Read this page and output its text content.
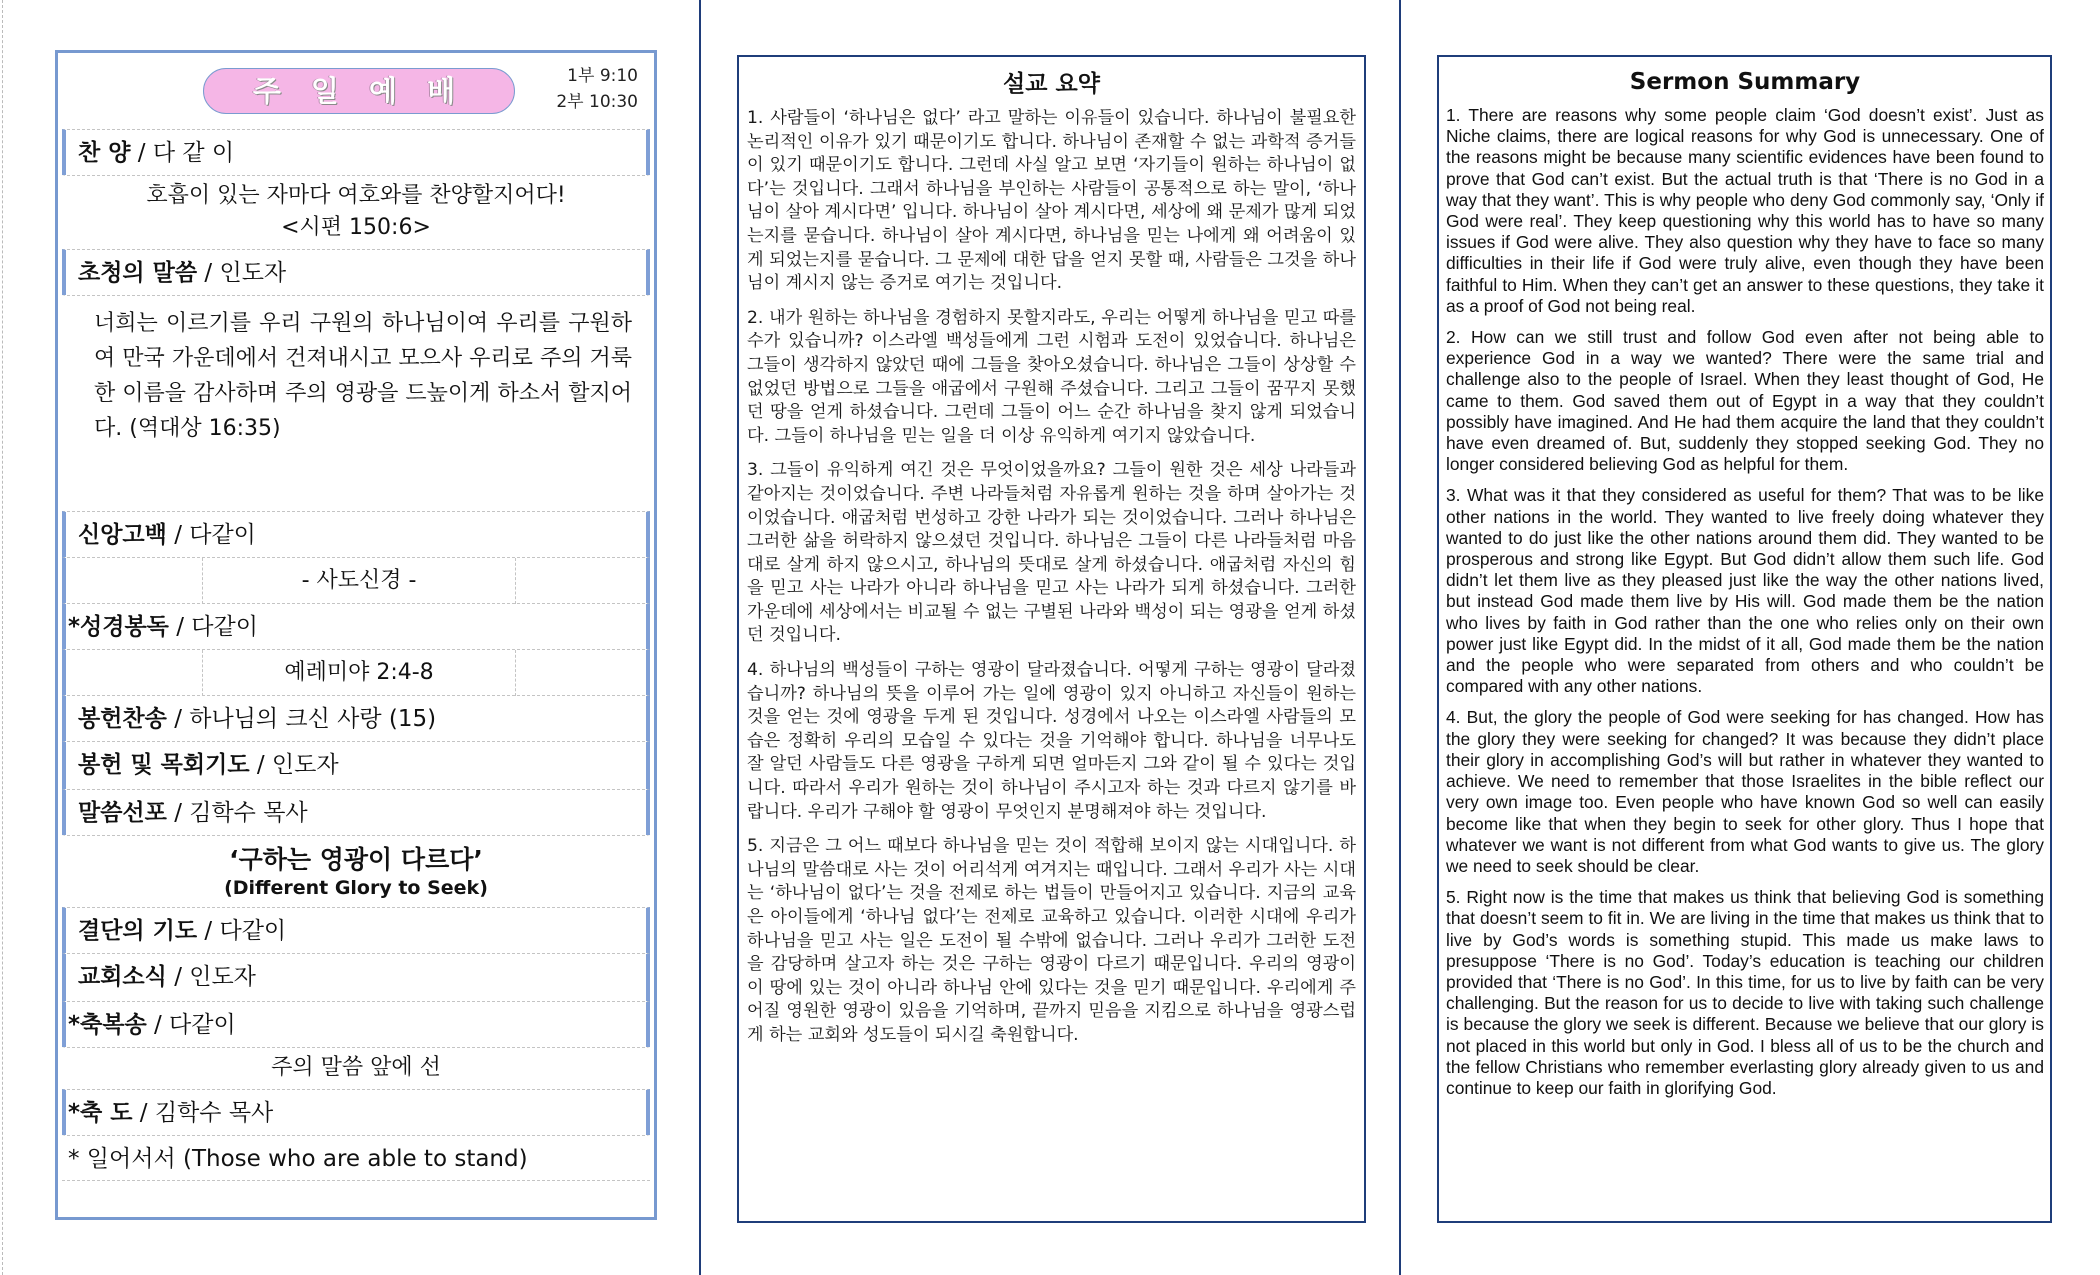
주 일 예 배	1부 9:10
2부 10:30
찬 양 / 다 같 이
호흡이 있는 자마다 여호와를 찬양할지어다!
<시편 150:6>
초청의 말씀 / 인도자
너희는 이르기를 우리 구원의 하나님이여 우리를 구원하여 만국 가운데에서 건져내시고 모으사 우리로 주의 거룩한 이름을 감사하며 주의 영광을 드높이게 하소서 할지어다. (역대상 16:35)
신앙고백 / 다같이
- 사도신경 -
*성경봉독 / 다같이
예레미야 2:4-8
봉헌찬송 / 하나님의 크신 사랑 (15)
봉헌 및 목회기도 / 인도자
말씀선포 / 김학수 목사
‘구하는 영광이 다르다’
(Different Glory to Seek)
결단의 기도 / 다같이
교회소식 / 인도자
*축복송 / 다같이
주의 말씀 앞에 선
*축 도 / 김학수 목사
* 일어서서 (Those who are able to stand)
설교 요약

1. 사람들이 ‘하나님은 없다’ 라고 말하는 이유들이 있습니다. 하나님이 불필요한 논리적인 이유가 있기 때문이기도 합니다. 하나님이 존재할 수 없는 과학적 증거들이 있기 때문이기도 합니다. 그런데 사실 알고 보면 ‘자기들이 원하는 하나님이 없다’는 것입니다. 그래서 하나님을 부인하는 사람들이 공통적으로 하는 말이, ‘하나님이 살아 계시다면’ 입니다. 하나님이 살아 계시다면, 세상에 왜 문제가 많게 되었는지를 묻습니다. 하나님이 살아 계시다면, 하나님을 믿는 나에게 왜 어려움이 있게 되었는지를 묻습니다. 그 문제에 대한 답을 얻지 못할 때, 사람들은 그것을 하나님이 계시지 않는 증거로 여기는 것입니다.

2. 내가 원하는 하나님을 경험하지 못할지라도, 우리는 어떻게 하나님을 믿고 따를 수가 있습니까? 이스라엘 백성들에게 그런 시험과 도전이 있었습니다. 하나님은 그들이 생각하지 않았던 때에 그들을 찾아오셨습니다. 하나님은 그들이 상상할 수 없었던 방법으로 그들을 애굽에서 구원해 주셨습니다. 그리고 그들이 꿈꾸지 못했던 땅을 얻게 하셨습니다. 그런데 그들이 어느 순간 하나님을 찾지 않게 되었습니다. 그들이 하나님을 믿는 일을 더 이상 유익하게 여기지 않았습니다.

3. 그들이 유익하게 여긴 것은 무엇이었을까요? 그들이 원한 것은 세상 나라들과 같아지는 것이었습니다. 주변 나라들처럼 자유롭게 원하는 것을 하며 살아가는 것이었습니다. 애굽처럼 번성하고 강한 나라가 되는 것이었습니다. 그러나 하나님은 그러한 삶을 허락하지 않으셨던 것입니다. 하나님은 그들이 다른 나라들처럼 마음대로 살게 하지 않으시고, 하나님의 뜻대로 살게 하셨습니다. 애굽처럼 자신의 힘을 믿고 사는 나라가 아니라 하나님을 믿고 사는 나라가 되게 하셨습니다. 그러한 가운데에 세상에서는 비교될 수 없는 구별된 나라와 백성이 되는 영광을 얻게 하셨던 것입니다.

4. 하나님의 백성들이 구하는 영광이 달라졌습니다. 어떻게 구하는 영광이 달라졌습니까? 하나님의 뜻을 이루어 가는 일에 영광이 있지 아니하고 자신들이 원하는 것을 얻는 것에 영광을 두게 된 것입니다. 성경에서 나오는 이스라엘 사람들의 모습은 정확히 우리의 모습일 수 있다는 것을 기억해야 합니다. 하나님을 너무나도 잘 알던 사람들도 다른 영광을 구하게 되면 얼마든지 그와 같이 될 수 있다는 것입니다. 따라서 우리가 원하는 것이 하나님이 주시고자 하는 것과 다르지 않기를 바랍니다. 우리가 구해야 할 영광이 무엇인지 분명해져야 하는 것입니다.

5. 지금은 그 어느 때보다 하나님을 믿는 것이 적합해 보이지 않는 시대입니다. 하나님의 말씀대로 사는 것이 어리석게 여겨지는 때입니다. 그래서 우리가 사는 시대는 ‘하나님이 없다’는 것을 전제로 하는 법들이 만들어지고 있습니다. 지금의 교육은 아이들에게 ‘하나님 없다’는 전제로 교육하고 있습니다. 이러한 시대에 우리가 하나님을 믿고 사는 일은 도전이 될 수밖에 없습니다. 그러나 우리가 그러한 도전을 감당하며 살고자 하는 것은 구하는 영광이 다르기 때문입니다. 우리의 영광이 이 땅에 있는 것이 아니라 하나님 안에 있다는 것을 믿기 때문입니다. 우리에게 주어질 영원한 영광이 있음을 기억하며, 끝까지 믿음을 지킴으로 하나님을 영광스럽게 하는 교회와 성도들이 되시길 축원합니다.

Sermon Summary

1. There are reasons why some people claim ‘God doesn’t exist’. Just as Niche claims, there are logical reasons for why God is unnecessary. One of the reasons might be because many scientific evidences have been found to prove that God can’t exist. But the actual truth is that ‘There is no God in a way that they want’. This is why people who deny God commonly say, ‘Only if God were real’. They keep questioning why this world has to have so many issues if God were alive. They also question why they have to face so many difficulties in their life if God were truly alive, even though they have been faithful to Him. When they can’t get an answer to these questions, they take it as a proof of God not being real.

2. How can we still trust and follow God even after not being able to experience God in a way we wanted? There were the same trial and challenge also to the people of Israel. When they least thought of God, He came to them. God saved them out of Egypt in a way that they couldn’t possibly have imagined. And He had them acquire the land that they couldn’t have even dreamed of. But, suddenly they stopped seeking God. They no longer considered believing God as helpful for them.

3. What was it that they considered as useful for them? That was to be like other nations in the world. They wanted to live freely doing whatever they wanted to do just like the other nations around them did. They wanted to be prosperous and strong like Egypt. But God didn’t allow them such life. God didn’t let them live as they pleased just like the way the other nations lived, but instead God made them live by His will. God made them be the nation who lives by faith in God rather than the one who relies only on their own power just like Egypt did. In the midst of it all, God made them be the nation and the people who were separated from others and who couldn’t be compared with any other nations.

4. But, the glory the people of God were seeking for has changed. How has the glory they were seeking for changed? It was because they didn’t place their glory in accomplishing God’s will but rather in whatever they wanted to achieve. We need to remember that those Israelites in the bible reflect our very own image too. Even people who have known God so well can easily become like that when they begin to seek for other glory. Thus I hope that whatever we want is not different from what God wants to give us. The glory we need to seek should be clear.

5. Right now is the time that makes us think that believing God is something that doesn’t seem to fit in. We are living in the time that makes us think that to live by God’s words is something stupid. This made us make laws to presuppose ‘There is no God’. Today’s education is teaching our children provided that ‘There is no God’. In this time, for us to live by faith can be very challenging. But the reason for us to decide to live with taking such challenge is because the glory we seek is different. Because we believe that our glory is not placed in this world but only in God. I bless all of us to be the church and the fellow Christians who remember everlasting glory already given to us and continue to keep our faith in glorifying God.
